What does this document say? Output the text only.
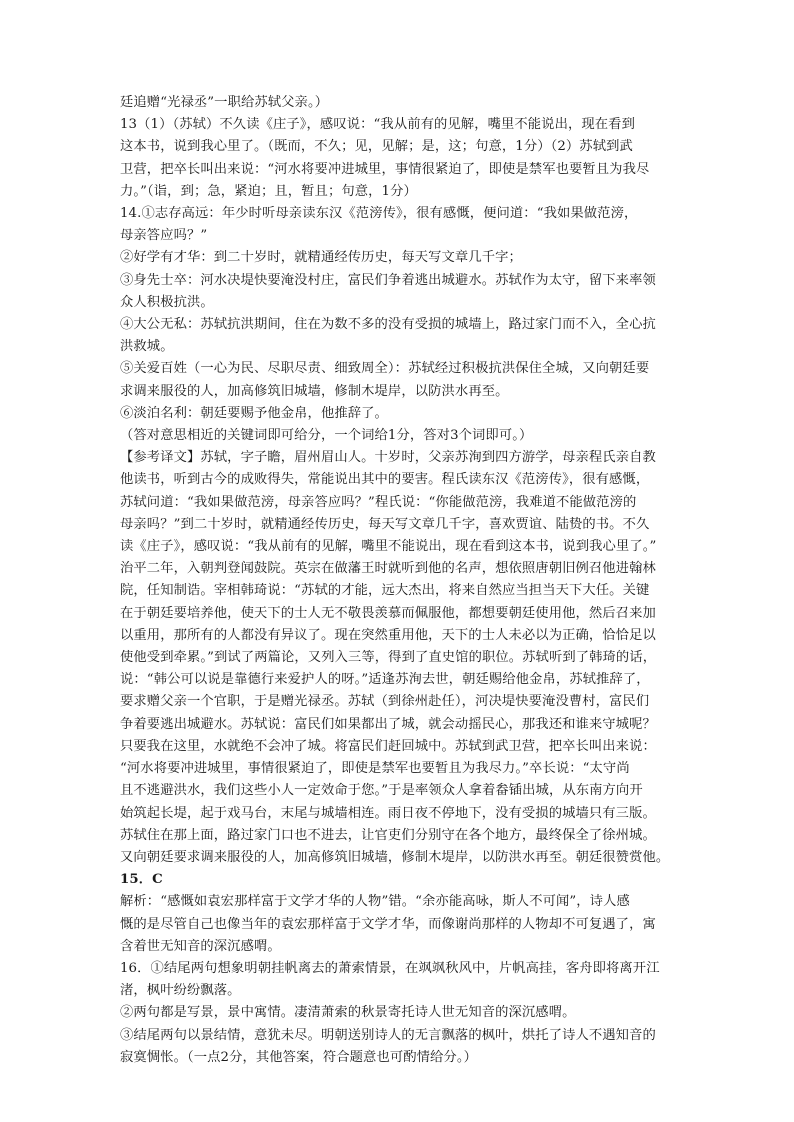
廷追赠“光禄丞”一职给苏轼父亲。）
13（1）（苏轼）不久读《庄子》，感叹说：“我从前有的见解，嘴里不能说出，现在看到
这本书，说到我心里了。（既而，不久；见，见解；是，这；句意，1分）（2）苏轼到武
卫营，把卒长叫出来说：“河水将要冲进城里，事情很紧迫了，即使是禁军也要暂且为我尽
力。”（诣，到；急，紧迫；且，暂且；句意，1分）
14.①志存高远：年少时听母亲读东汉《范滂传》，很有感慨，便问道：“我如果做范滂，
母亲答应吗？”
②好学有才华：到二十岁时，就精通经传历史，每天写文章几千字；
③身先士卒：河水决堤快要淹没村庄，富民们争着逃出城避水。苏轼作为太守，留下来率领
众人积极抗洪。
④大公无私：苏轼抗洪期间，住在为数不多的没有受损的城墙上，路过家门而不入，全心抗
洪救城。
⑤关爱百姓（一心为民、尽职尽责、细致周全）：苏轼经过积极抗洪保住全城，又向朝廷要
求调来服役的人，加高修筑旧城墙，修制木堤岸，以防洪水再至。
⑥淡泊名利：朝廷要赐予他金帛，他推辞了。
（答对意思相近的关键词即可给分，一个词给1分，答对3个词即可。）
【参考译文】苏轼，字子瞻，眉州眉山人。十岁时，父亲苏洵到四方游学，母亲程氏亲自教
他读书，听到古今的成败得失，常能说出其中的要害。程氏读东汉《范滂传》，很有感慨，
苏轼问道：“我如果做范滂，母亲答应吗？”程氏说：“你能做范滂，我难道不能做范滂的
母亲吗？”到二十岁时，就精通经传历史，每天写文章几千字，喜欢贾谊、陆贽的书。不久
读《庄子》，感叹说：“我从前有的见解，嘴里不能说出，现在看到这本书，说到我心里了。”
治平二年，入朝判登闻鼓院。英宗在做藩王时就听到他的名声，想依照唐朝旧例召他进翰林
院，任知制诰。宰相韩琦说：“苏轼的才能，远大杰出，将来自然应当担当天下大任。关键
在于朝廷要培养他，使天下的士人无不敬畏羡慕而佩服他，都想要朝廷使用他，然后召来加
以重用，那所有的人都没有异议了。现在突然重用他，天下的士人未必以为正确，恰恰足以
使他受到牵累。”到试了两篇论，又列入三等，得到了直史馆的职位。苏轼听到了韩琦的话，
说：“韩公可以说是靠德行来爱护人的呀。”适逢苏洵去世，朝廷赐给他金帛，苏轼推辞了，
要求赠父亲一个官职，于是赠光禄丞。苏轼（到徐州赴任），河决堤快要淹没曹村，富民们
争着要逃出城避水。苏轼说：富民们如果都出了城，就会动摇民心，那我还和谁来守城呢？
只要我在这里，水就绝不会冲了城。将富民们赶回城中。苏轼到武卫营，把卒长叫出来说：
“河水将要冲进城里，事情很紧迫了，即使是禁军也要暂且为我尽力。”卒长说：“太守尚
且不逃避洪水，我们这些小人一定效命于您。”于是率领众人拿着畚锸出城，从东南方向开
始筑起长堤，起于戏马台，末尾与城墙相连。雨日夜不停地下，没有受损的城墙只有三版。
苏轼住在那上面，路过家门口也不进去，让官吏们分别守在各个地方，最终保全了徐州城。
又向朝廷要求调来服役的人，加高修筑旧城墙，修制木堤岸，以防洪水再至。朝廷很赞赏他。
15．C
解析：“感慨如袁宏那样富于文学才华的人物”错。“余亦能高咏，斯人不可闻”，诗人感
慨的是尽管自己也像当年的袁宏那样富于文学才华，而像谢尚那样的人物却不可复遇了，寓
含着世无知音的深沉感喟。
16．①结尾两句想象明朝挂帆离去的萧索情景，在飒飒秋风中，片帆高挂，客舟即将离开江
渚，枫叶纷纷飘落。
②两句都是写景，景中寓情。凄清萧索的秋景寄托诗人世无知音的深沉感喟。
③结尾两句以景结情，意犹未尽。明朝送别诗人的无言飘落的枫叶，烘托了诗人不遇知音的
寂寞惆怅。（一点2分，其他答案，符合题意也可酌情给分。）
